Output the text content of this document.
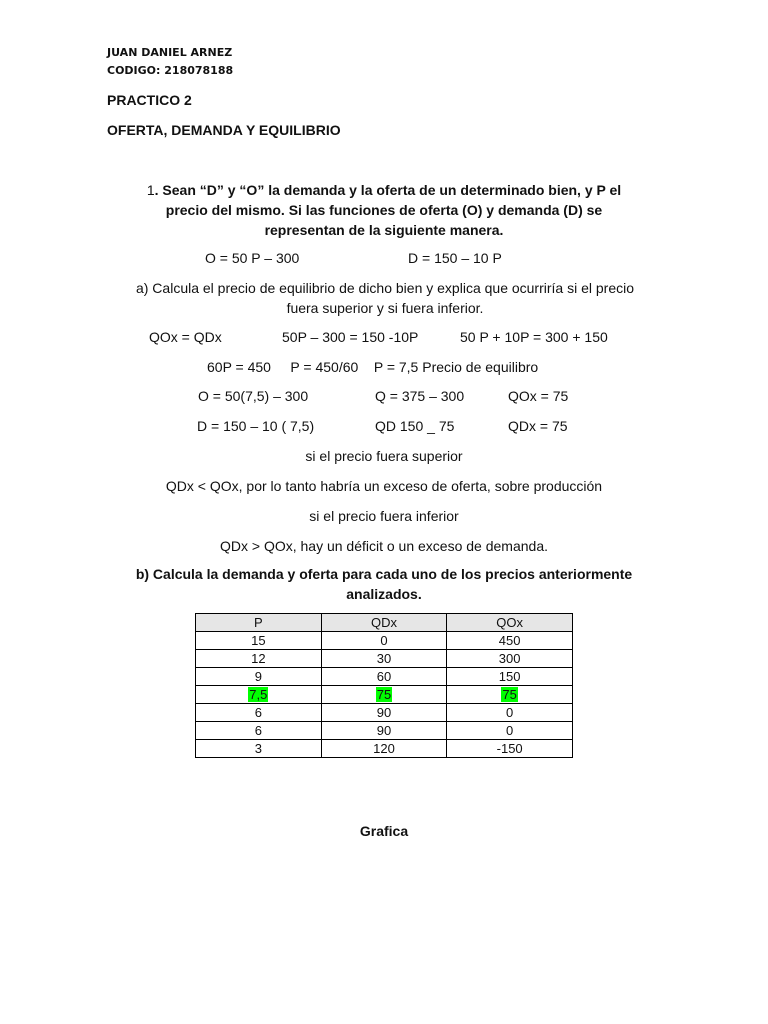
JUAN DANIEL ARNEZ
CODIGO: 218078188
PRACTICO 2
OFERTA, DEMANDA Y EQUILIBRIO
1. Sean “D” y “O” la demanda y la oferta de un determinado bien, y P el
precio del mismo. Si las funciones de oferta (O) y demanda (D) se
representan de la siguiente manera.
O = 50 P – 300	D = 150 – 10 P
a) Calcula el precio de equilibrio de dicho bien y explica que ocurriría si el precio
fuera superior y si fuera inferior.
QOx = QDx	50P – 300 = 150 -10P	50 P + 10P = 300 + 150
60P = 450     P = 450/60    P = 7,5 Precio de equilibro
O = 50(7,5) – 300	Q = 375 – 300	QOx = 75
D = 150 – 10 ( 7,5)	QD 150 _ 75	QDx = 75
si el precio fuera superior
QDx < QOx, por lo tanto habría un exceso de oferta, sobre producción
si el precio fuera inferior
QDx > QOx, hay un déficit o un exceso de demanda.
b) Calcula la demanda y oferta para cada uno de los precios anteriormente
analizados.
P	QDx	QOx
15	0	450
12	30	300
9	60	150
7,5	75	75
6	90	0
6	90	0
3	120	-150
Grafica
